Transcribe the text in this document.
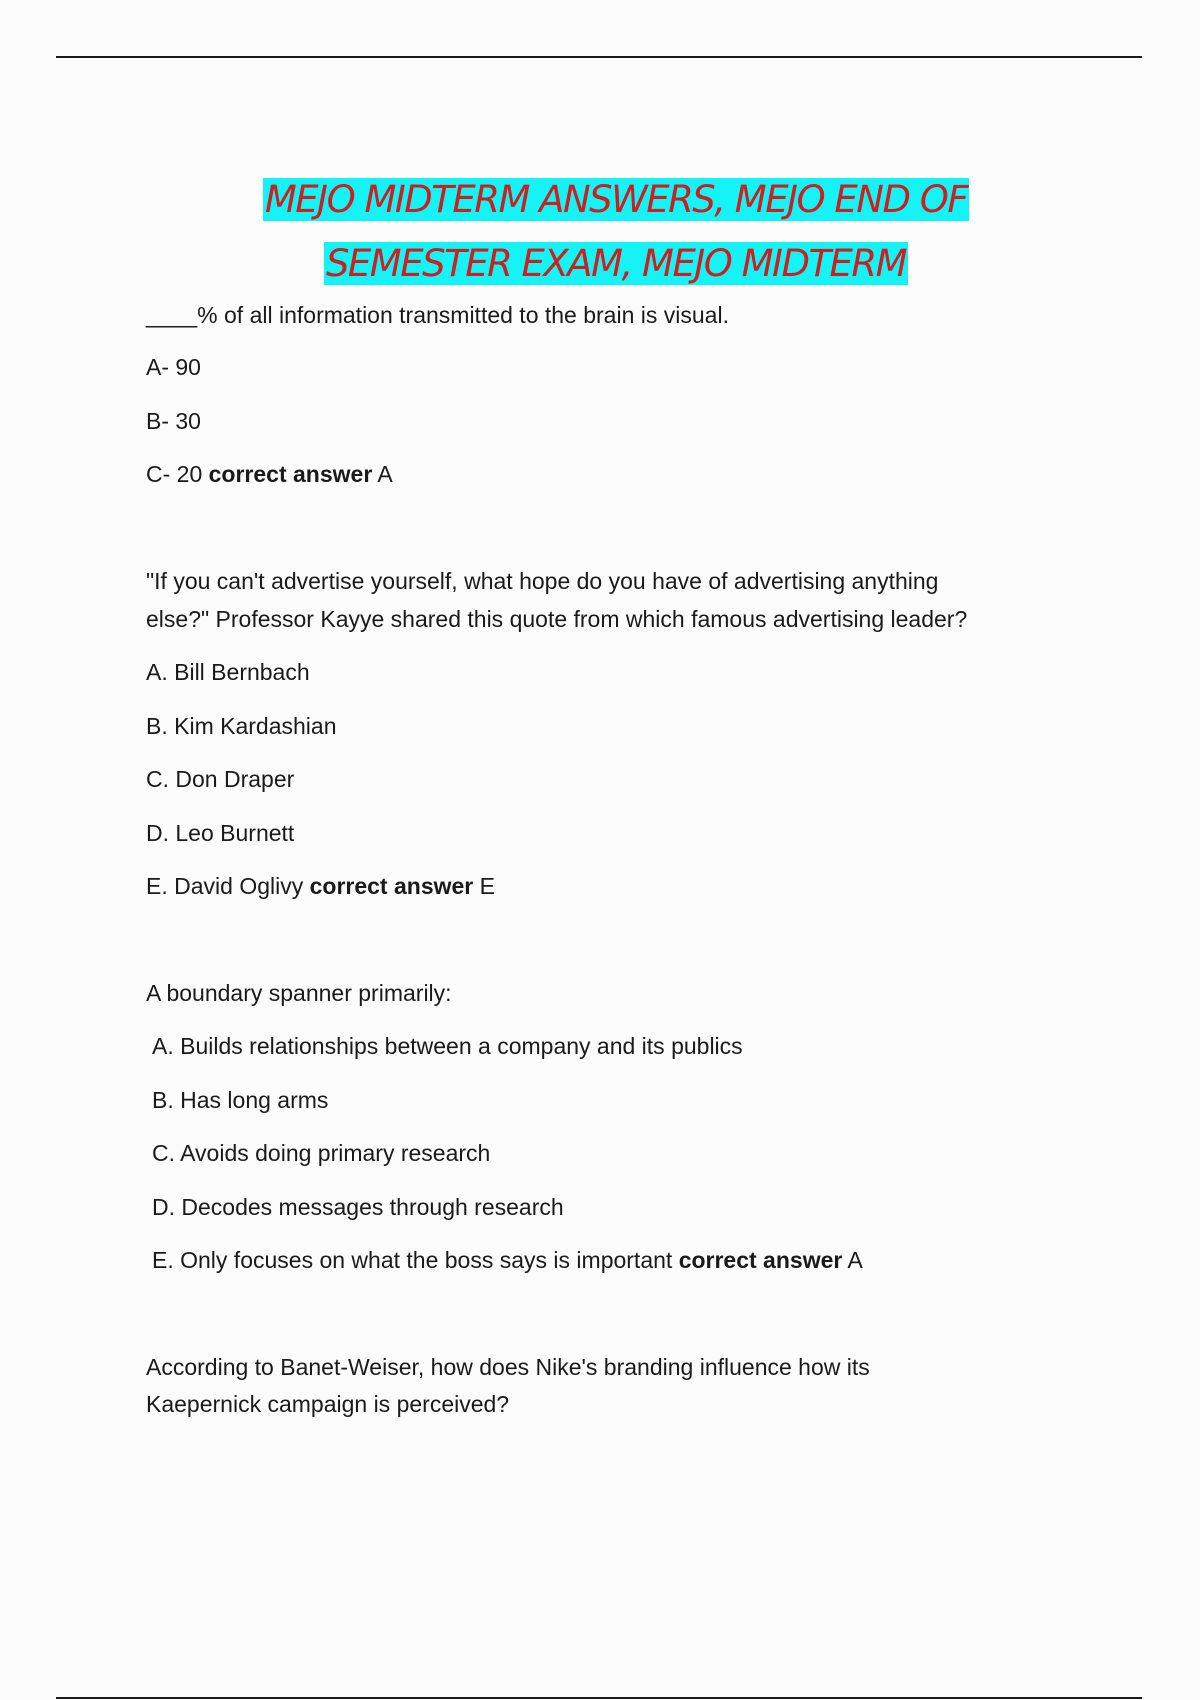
MEJO MIDTERM ANSWERS, MEJO END OF
SEMESTER EXAM, MEJO MIDTERM
____% of all information transmitted to the brain is visual.
A- 90
B- 30
C- 20 correct answer A
"If you can't advertise yourself, what hope do you have of advertising anything
else?" Professor Kayye shared this quote from which famous advertising leader?
A. Bill Bernbach
B. Kim Kardashian
C. Don Draper
D. Leo Burnett
E. David Oglivy correct answer E
A boundary spanner primarily:
A. Builds relationships between a company and its publics
B. Has long arms
C. Avoids doing primary research
D. Decodes messages through research
E. Only focuses on what the boss says is important correct answer A
According to Banet-Weiser, how does Nike's branding influence how its
Kaepernick campaign is perceived?
